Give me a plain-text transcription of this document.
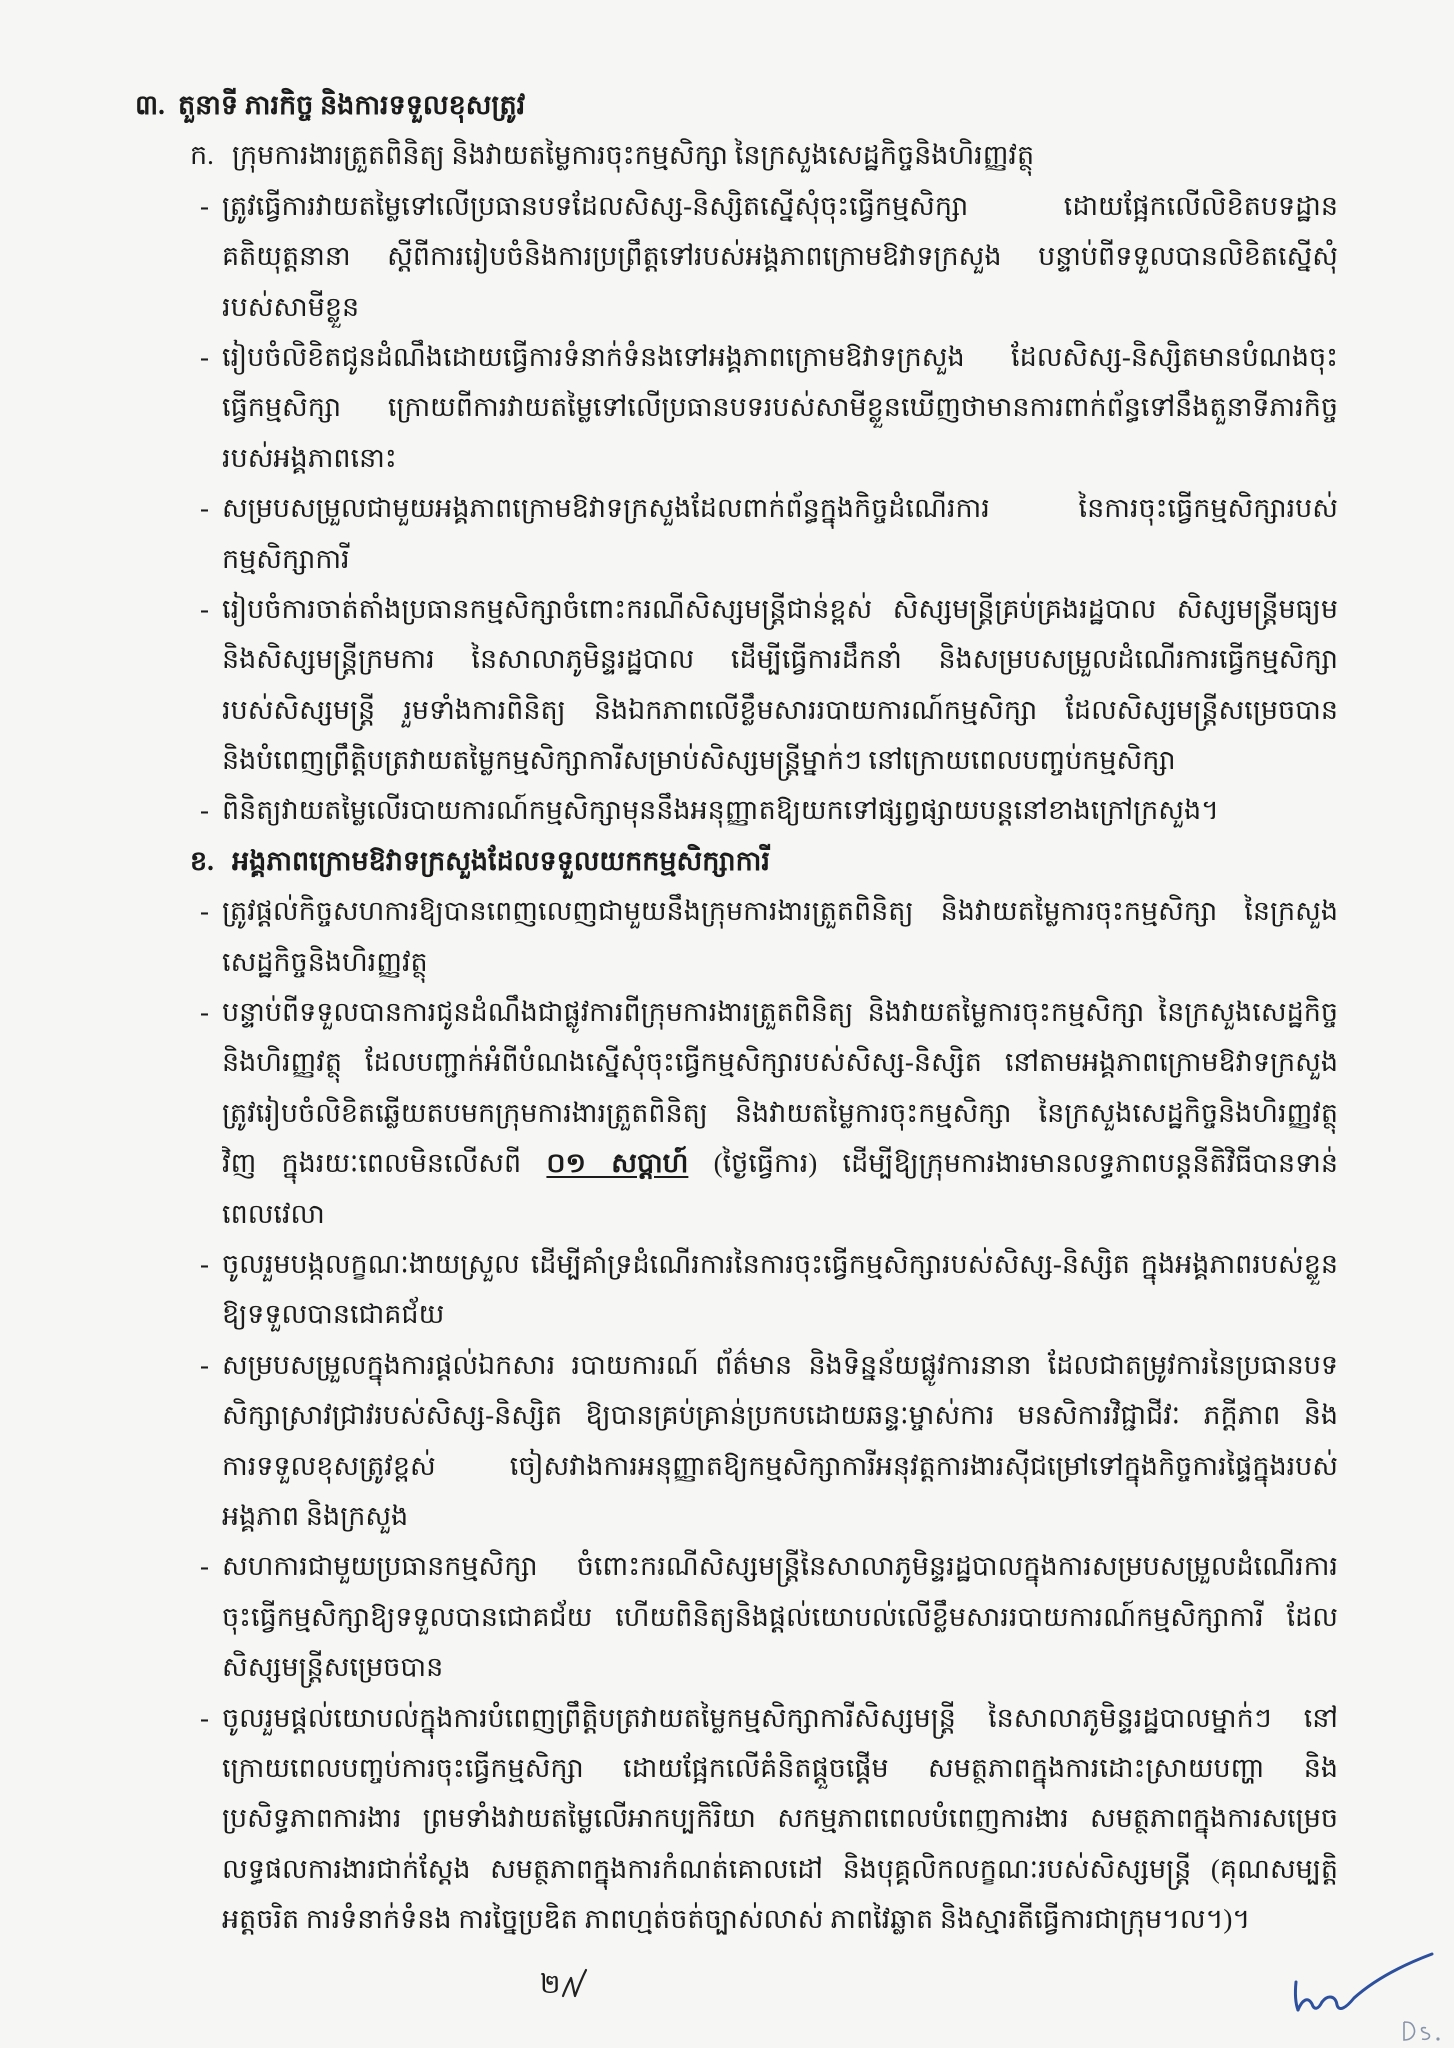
៣. តួនាទី ភារកិច្ច និងការទទួលខុសត្រូវ
ក. ក្រុមការងារត្រួតពិនិត្យ និងវាយតម្លៃការចុះកម្មសិក្សា នៃក្រសួងសេដ្ឋកិច្ចនិងហិរញ្ញវត្ថុ
- ត្រូវធ្វើការវាយតម្លៃទៅលើប្រធានបទដែលសិស្ស-និស្សិតស្នើសុំចុះធ្វើកម្មសិក្សា ដោយផ្អែកលើលិខិតបទដ្ឋាន
គតិយុត្តនានា ស្តីពីការរៀបចំនិងការប្រព្រឹត្តទៅរបស់អង្គភាពក្រោមឱវាទក្រសួង បន្ទាប់ពីទទួលបានលិខិតស្នើសុំ
របស់សាមីខ្លួន
- រៀបចំលិខិតជូនដំណឹងដោយធ្វើការទំនាក់ទំនងទៅអង្គភាពក្រោមឱវាទក្រសួង ដែលសិស្ស-និស្សិតមានបំណងចុះ
ធ្វើកម្មសិក្សា ក្រោយពីការវាយតម្លៃទៅលើប្រធានបទរបស់សាមីខ្លួនឃើញថាមានការពាក់ព័ន្ធទៅនឹងតួនាទីភារកិច្ច
របស់អង្គភាពនោះ
- សម្របសម្រួលជាមួយអង្គភាពក្រោមឱវាទក្រសួងដែលពាក់ព័ន្ធក្នុងកិច្ចដំណើរការ នៃការចុះធ្វើកម្មសិក្សារបស់
កម្មសិក្សាការី
- រៀបចំការចាត់តាំងប្រធានកម្មសិក្សាចំពោះករណីសិស្សមន្ត្រីជាន់ខ្ពស់ សិស្សមន្ត្រីគ្រប់គ្រងរដ្ឋបាល សិស្សមន្ត្រីមធ្យម
និងសិស្សមន្ត្រីក្រមការ នៃសាលាភូមិន្ទរដ្ឋបាល ដើម្បីធ្វើការដឹកនាំ និងសម្របសម្រួលដំណើរការធ្វើកម្មសិក្សា
របស់សិស្សមន្ត្រី រួមទាំងការពិនិត្យ និងឯកភាពលើខ្លឹមសាររបាយការណ៍កម្មសិក្សា ដែលសិស្សមន្ត្រីសម្រេចបាន
និងបំពេញព្រឹត្តិបត្រវាយតម្លៃកម្មសិក្សាការីសម្រាប់សិស្សមន្ត្រីម្នាក់ៗ នៅក្រោយពេលបញ្ចប់កម្មសិក្សា
- ពិនិត្យវាយតម្លៃលើរបាយការណ៍កម្មសិក្សាមុននឹងអនុញ្ញាតឱ្យយកទៅផ្សព្វផ្សាយបន្តនៅខាងក្រៅក្រសួង។
ខ. អង្គភាពក្រោមឱវាទក្រសួងដែលទទួលយកកម្មសិក្សាការី
- ត្រូវផ្តល់កិច្ចសហការឱ្យបានពេញលេញជាមួយនឹងក្រុមការងារត្រួតពិនិត្យ និងវាយតម្លៃការចុះកម្មសិក្សា នៃក្រសួង
សេដ្ឋកិច្ចនិងហិរញ្ញវត្ថុ
- បន្ទាប់ពីទទួលបានការជូនដំណឹងជាផ្លូវការពីក្រុមការងារត្រួតពិនិត្យ និងវាយតម្លៃការចុះកម្មសិក្សា នៃក្រសួងសេដ្ឋកិច្ច
និងហិរញ្ញវត្ថុ ដែលបញ្ជាក់អំពីបំណងស្នើសុំចុះធ្វើកម្មសិក្សារបស់សិស្ស-និស្សិត នៅតាមអង្គភាពក្រោមឱវាទក្រសួង
ត្រូវរៀបចំលិខិតឆ្លើយតបមកក្រុមការងារត្រួតពិនិត្យ និងវាយតម្លៃការចុះកម្មសិក្សា នៃក្រសួងសេដ្ឋកិច្ចនិងហិរញ្ញវត្ថុ
វិញ ក្នុងរយៈពេលមិនលើសពី ០១ សប្តាហ៍ (ថ្ងៃធ្វើការ) ដើម្បីឱ្យក្រុមការងារមានលទ្ធភាពបន្តនីតិវិធីបានទាន់
ពេលវេលា
- ចូលរួមបង្កលក្ខណៈងាយស្រួល ដើម្បីគាំទ្រដំណើរការនៃការចុះធ្វើកម្មសិក្សារបស់សិស្ស-និស្សិត ក្នុងអង្គភាពរបស់ខ្លួន
ឱ្យទទួលបានជោគជ័យ
- សម្របសម្រួលក្នុងការផ្តល់ឯកសារ របាយការណ៍ ព័ត៌មាន និងទិន្នន័យផ្លូវការនានា ដែលជាតម្រូវការនៃប្រធានបទ
សិក្សាស្រាវជ្រាវរបស់សិស្ស-និស្សិត ឱ្យបានគ្រប់គ្រាន់ប្រកបដោយឆន្ទៈម្ចាស់ការ មនសិការវិជ្ជាជីវៈ ភក្តីភាព និង
ការទទួលខុសត្រូវខ្ពស់ ចៀសវាងការអនុញ្ញាតឱ្យកម្មសិក្សាការីអនុវត្តការងារស៊ីជម្រៅទៅក្នុងកិច្ចការផ្ទៃក្នុងរបស់
អង្គភាព និងក្រសួង
- សហការជាមួយប្រធានកម្មសិក្សា ចំពោះករណីសិស្សមន្ត្រីនៃសាលាភូមិន្ទរដ្ឋបាលក្នុងការសម្របសម្រួលដំណើរការ
ចុះធ្វើកម្មសិក្សាឱ្យទទួលបានជោគជ័យ ហើយពិនិត្យនិងផ្តល់យោបល់លើខ្លឹមសាររបាយការណ៍កម្មសិក្សាការី ដែល
សិស្សមន្ត្រីសម្រេចបាន
- ចូលរួមផ្តល់យោបល់ក្នុងការបំពេញព្រឹត្តិបត្រវាយតម្លៃកម្មសិក្សាការីសិស្សមន្ត្រី នៃសាលាភូមិន្ទរដ្ឋបាលម្នាក់ៗ នៅ
ក្រោយពេលបញ្ចប់ការចុះធ្វើកម្មសិក្សា ដោយផ្អែកលើគំនិតផ្តួចផ្តើម សមត្ថភាពក្នុងការដោះស្រាយបញ្ហា និង
ប្រសិទ្ធភាពការងារ ព្រមទាំងវាយតម្លៃលើអាកប្បកិរិយា សកម្មភាពពេលបំពេញការងារ សមត្ថភាពក្នុងការសម្រេច
លទ្ធផលការងារជាក់ស្តែង សមត្ថភាពក្នុងការកំណត់គោលដៅ និងបុគ្គលិកលក្ខណៈរបស់សិស្សមន្ត្រី (គុណសម្បត្តិ
អត្តចរិត ការទំនាក់ទំនង ការច្នៃប្រឌិត ភាពហ្មត់ចត់ច្បាស់លាស់ ភាពវៃឆ្លាត និងស្មារតីធ្វើការជាក្រុម។ល។)។
២
